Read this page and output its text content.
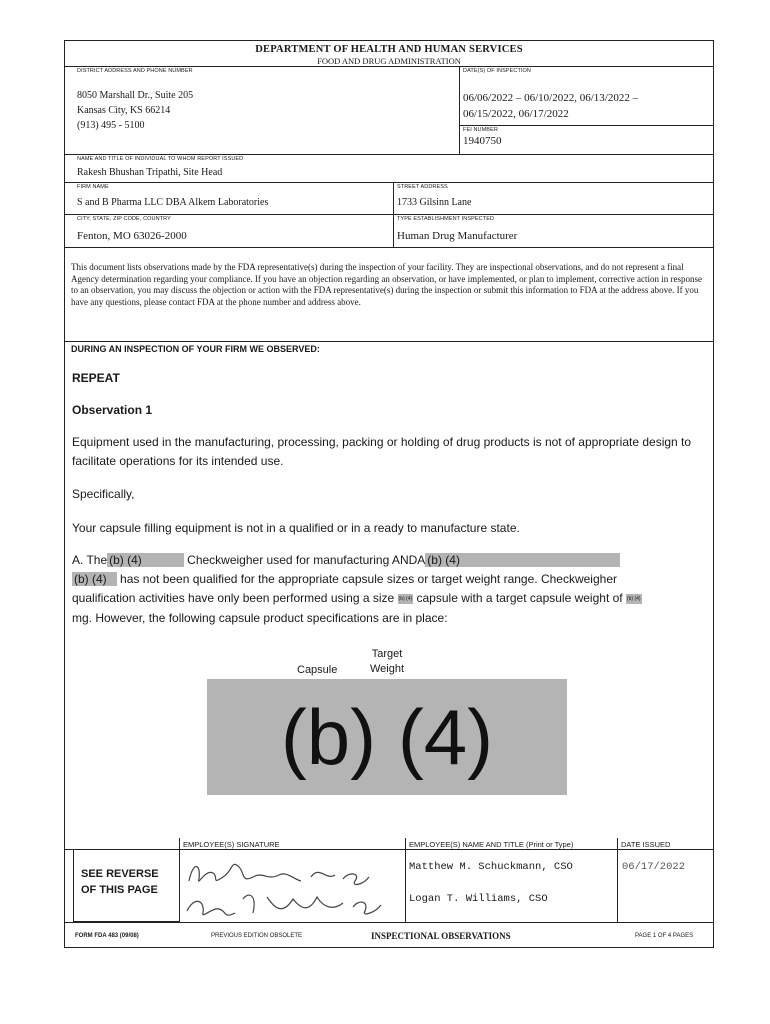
DEPARTMENT OF HEALTH AND HUMAN SERVICES
FOOD AND DRUG ADMINISTRATION
DISTRICT ADDRESS AND PHONE NUMBER
8050 Marshall Dr., Suite 205
Kansas City, KS 66214
(913) 495 - 5100
DATE(S) OF INSPECTION
06/06/2022 – 06/10/2022, 06/13/2022 –
06/15/2022, 06/17/2022
FEI NUMBER
1940750
NAME AND TITLE OF INDIVIDUAL TO WHOM REPORT ISSUED
Rakesh Bhushan Tripathi, Site Head
FIRM NAME
S and B Pharma LLC DBA Alkem Laboratories
STREET ADDRESS
1733 Gilsinn Lane
CITY, STATE, ZIP CODE, COUNTRY
Fenton, MO 63026-2000
TYPE ESTABLISHMENT INSPECTED
Human Drug Manufacturer
This document lists observations made by the FDA representative(s) during the inspection of your facility. They are inspectional observations, and do not represent a final Agency determination regarding your compliance. If you have an objection regarding an observation, or have implemented, or plan to implement, corrective action in response to an observation, you may discuss the objection or action with the FDA representative(s) during the inspection or submit this information to FDA at the address above. If you have any questions, please contact FDA at the phone number and address above.
DURING AN INSPECTION OF YOUR FIRM WE OBSERVED:
REPEAT
Observation 1
Equipment used in the manufacturing, processing, packing or holding of drug products is not of appropriate design to facilitate operations for its intended use.
Specifically,
Your capsule filling equipment is not in a qualified or in a ready to manufacture state.
A. The (b) (4)	Checkweigher used for manufacturing ANDA (b) (4)
(b) (4) has not been qualified for the appropriate capsule sizes or target weight range. Checkweigher
qualification activities have only been performed using a size (b) (4) capsule with a target capsule weight of (b) (4)
mg. However, the following capsule product specifications are in place:
Capsule
Target
Weight
(b) (4)
SEE REVERSE
OF THIS PAGE
EMPLOYEE(S) SIGNATURE	EMPLOYEE(S) NAME AND TITLE (Print or Type)	DATE ISSUED
Matthew M. Schuckmann, CSO
Logan T. Williams, CSO
06/17/2022
FORM FDA 483 (09/08)	PREVIOUS EDITION OBSOLETE	INSPECTIONAL OBSERVATIONS	PAGE 1 OF 4 PAGES
